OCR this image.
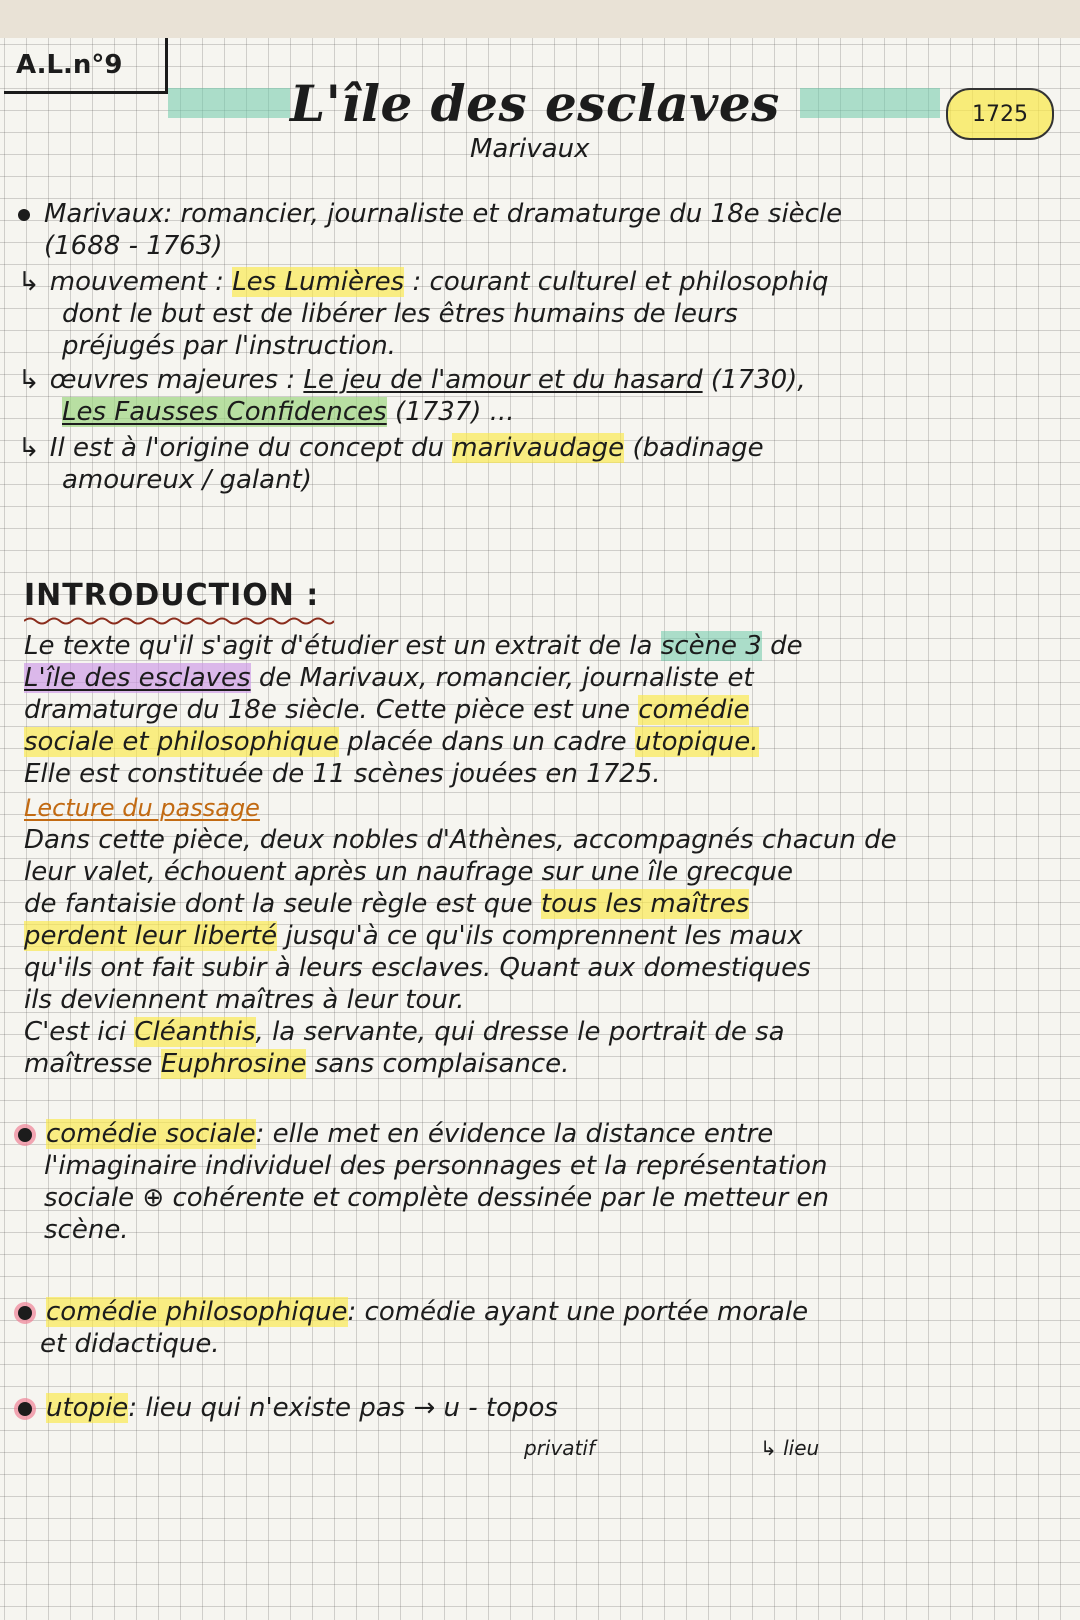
A.L.n°9
L'île des esclaves
Marivaux
1725
Marivaux: romancier, journaliste et dramaturge du 18e siècle
(1688 - 1763)
↳ mouvement : Les Lumières : courant culturel et philosophiq
dont le but est de libérer les êtres humains de leurs
préjugés par l'instruction.
↳ œuvres majeures : Le jeu de l'amour et du hasard (1730),
Les Fausses Confidences (1737) ...
↳ Il est à l'origine du concept du marivaudage (badinage
amoureux / galant)
INTRODUCTION :
Le texte qu'il s'agit d'étudier est un extrait de la scène 3 de
L'île des esclaves de Marivaux, romancier, journaliste et
dramaturge du 18e siècle. Cette pièce est une comédie
sociale et philosophique placée dans un cadre utopique.
Elle est constituée de 11 scènes jouées en 1725.
Lecture du passage
Dans cette pièce, deux nobles d'Athènes, accompagnés chacun de
leur valet, échouent après un naufrage sur une île grecque
de fantaisie dont la seule règle est que tous les maîtres
perdent leur liberté jusqu'à ce qu'ils comprennent les maux
qu'ils ont fait subir à leurs esclaves. Quant aux domestiques
ils deviennent maîtres à leur tour.
C'est ici Cléanthis, la servante, qui dresse le portrait de sa
maîtresse Euphrosine sans complaisance.
comédie sociale: elle met en évidence la distance entre
l'imaginaire individuel des personnages et la représentation
sociale ⊕ cohérente et complète dessinée par le metteur en
scène.
comédie philosophique: comédie ayant une portée morale
et didactique.
utopie: lieu qui n'existe pas → u - topos
privatif	↳ lieu
